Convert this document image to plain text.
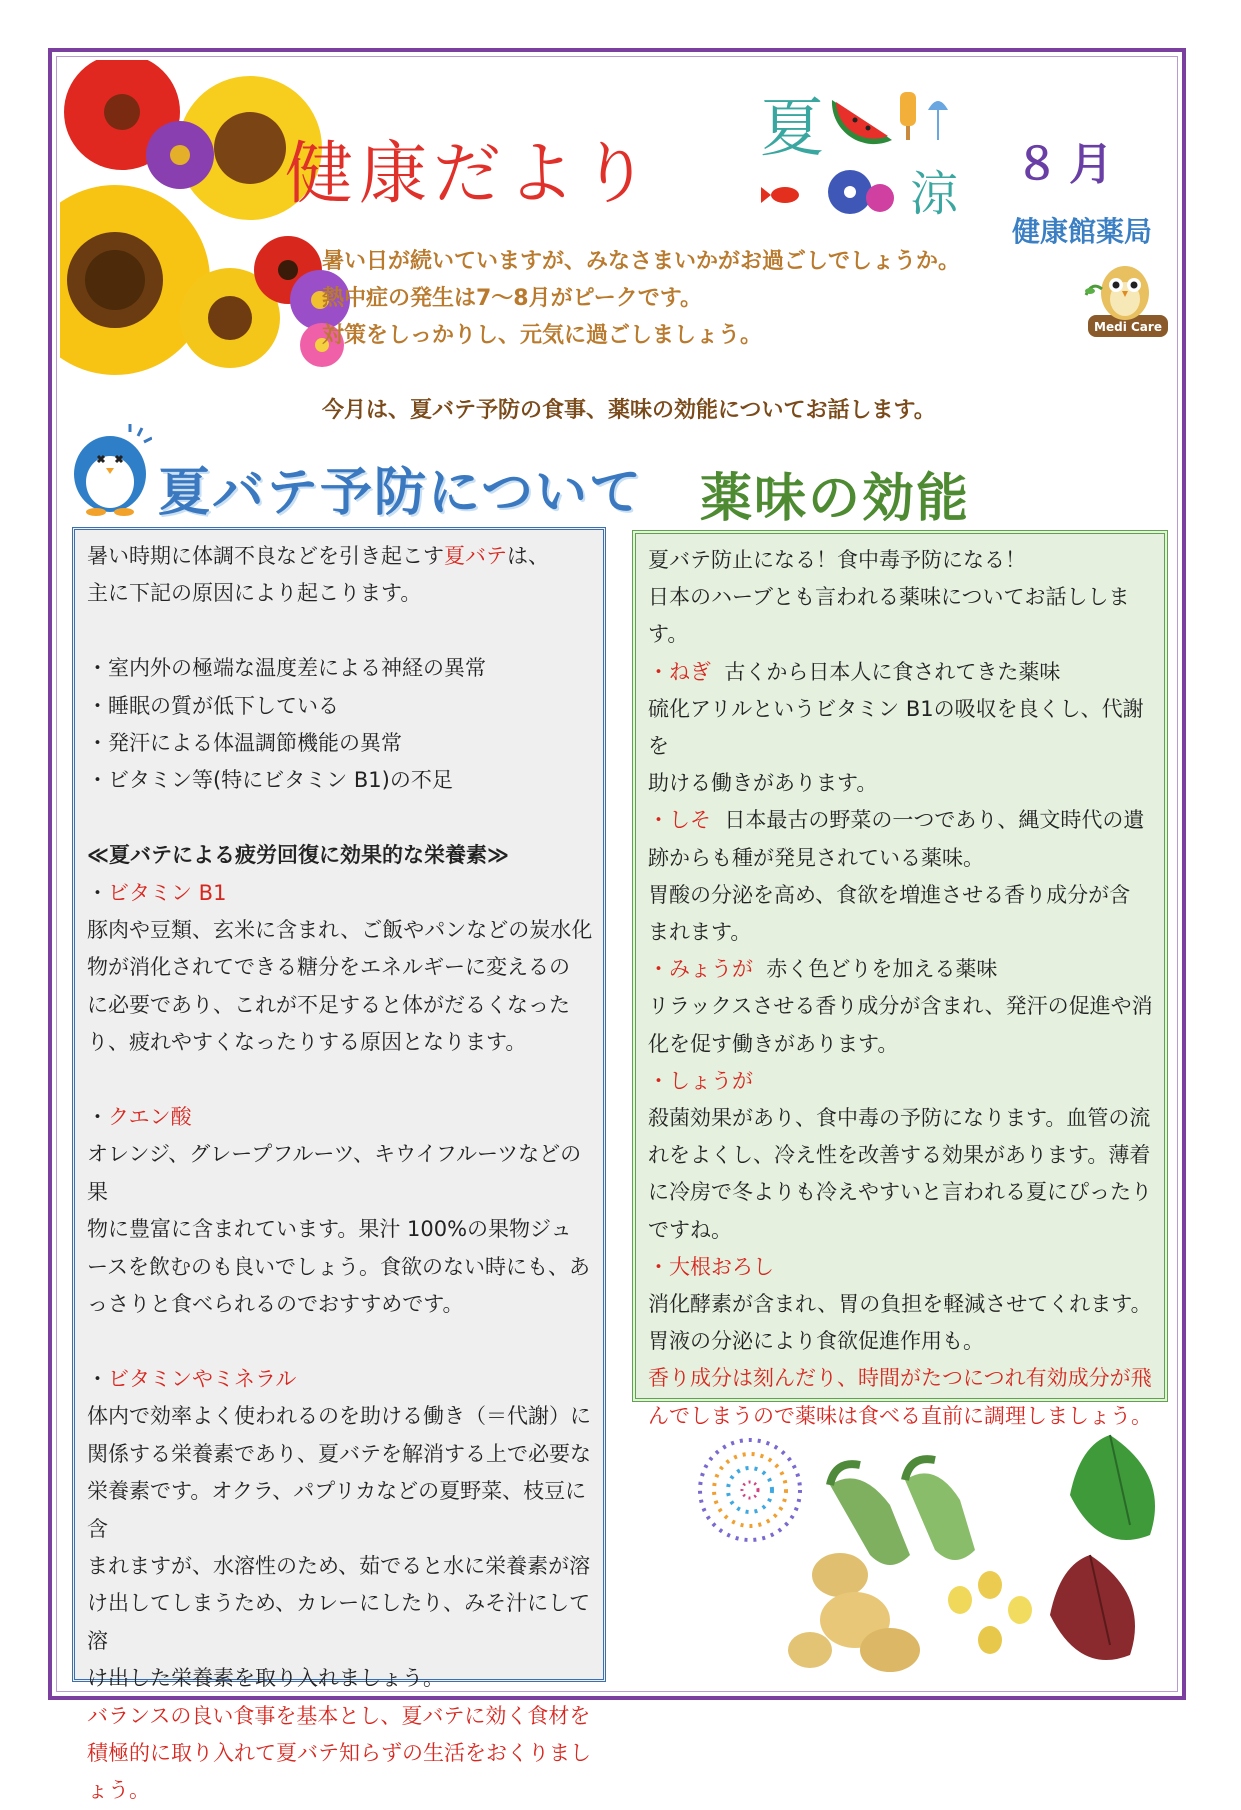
健康だより
夏
涼
８月
健康館薬局
Medi Care
暑い日が続いていますが、みなさまいかがお過ごしでしょうか。
熱中症の発生は7～8月がピークです。
対策をしっかりし、元気に過ごしましょう。
今月は、夏バテ予防の食事、薬味の効能についてお話します。
夏バテ予防について 薬味の効能

暑い時期に体調不良などを引き起こす夏バテは、

主に下記の原因により起こります。

・室内外の極端な温度差による神経の異常

・睡眠の質が低下している

・発汗による体温調節機能の異常

・ビタミン等(特にビタミン B1)の不足

≪夏バテによる疲労回復に効果的な栄養素≫

・ビタミン B1

豚肉や豆類、玄米に含まれ、ご飯やパンなどの炭水化

物が消化されてできる糖分をエネルギーに変えるの

に必要であり、これが不足すると体がだるくなった

り、疲れやすくなったりする原因となります。

・クエン酸

オレンジ、グレープフルーツ、キウイフルーツなどの果

物に豊富に含まれています。果汁 100%の果物ジュ

ースを飲むのも良いでしょう。食欲のない時にも、あ

っさりと食べられるのでおすすめです。

・ビタミンやミネラル

体内で効率よく使われるのを助ける働き（＝代謝）に

関係する栄養素であり、夏バテを解消する上で必要な

栄養素です。オクラ、パプリカなどの夏野菜、枝豆に含

まれますが、水溶性のため、茹でると水に栄養素が溶

け出してしまうため、カレーにしたり、みそ汁にして溶

け出した栄養素を取り入れましょう。

バランスの良い食事を基本とし、夏バテに効く食材を

積極的に取り入れて夏バテ知らずの生活をおくりまし

ょう。

夏バテ防止になる！食中毒予防になる！

日本のハーブとも言われる薬味についてお話ししま

す。

・ねぎ 古くから日本人に食されてきた薬味

硫化アリルというビタミン B1の吸収を良くし、代謝を

助ける働きがあります。

・しそ 日本最古の野菜の一つであり、縄文時代の遺

跡からも種が発見されている薬味。

胃酸の分泌を高め、食欲を増進させる香り成分が含

まれます。

・みょうが 赤く色どりを加える薬味

リラックスさせる香り成分が含まれ、発汗の促進や消

化を促す働きがあります。

・しょうが

殺菌効果があり、食中毒の予防になります。血管の流

れをよくし、冷え性を改善する効果があります。薄着

に冷房で冬よりも冷えやすいと言われる夏にぴったり

ですね。

・大根おろし

消化酵素が含まれ、胃の負担を軽減させてくれます。

胃液の分泌により食欲促進作用も。

香り成分は刻んだり、時間がたつにつれ有効成分が飛

んでしまうので薬味は食べる直前に調理しましょう。
